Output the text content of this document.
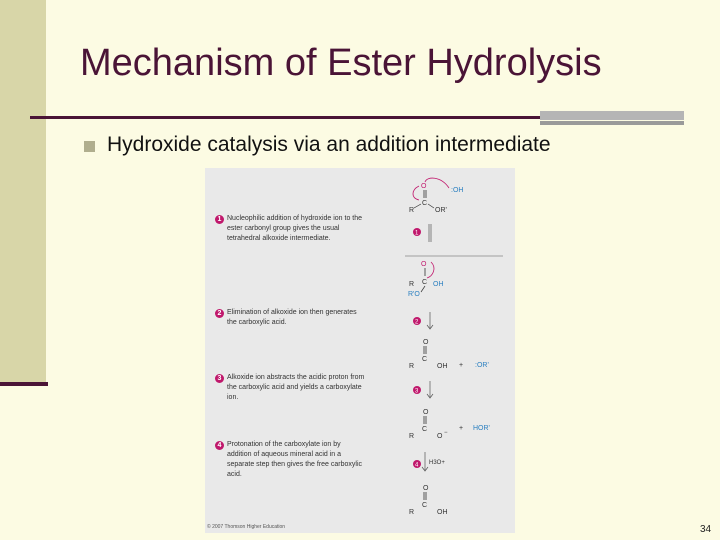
Mechanism of Ester Hydrolysis
Hydroxide catalysis via an addition intermediate
1 Nucleophilic addition of hydroxide ion to the ester carbonyl group gives the usual tetrahedral alkoxide intermediate.
2 Elimination of alkoxide ion then generates the carboxylic acid.
3 Alkoxide ion abstracts the acidic proton from the carboxylic acid and yields a carboxylate ion.
4 Protonation of the carboxylate ion by addition of aqueous mineral acid in a separate step then gives the free carboxylic acid.
O
C
R	OR'
:OH
1
O
C
R	OH
R'O
2
O
C
R	OH + :OR'
3
O
C
R	O −
+ HOR'
4 H3O+
O
C
R	OH
© 2007 Thomson Higher Education	34
